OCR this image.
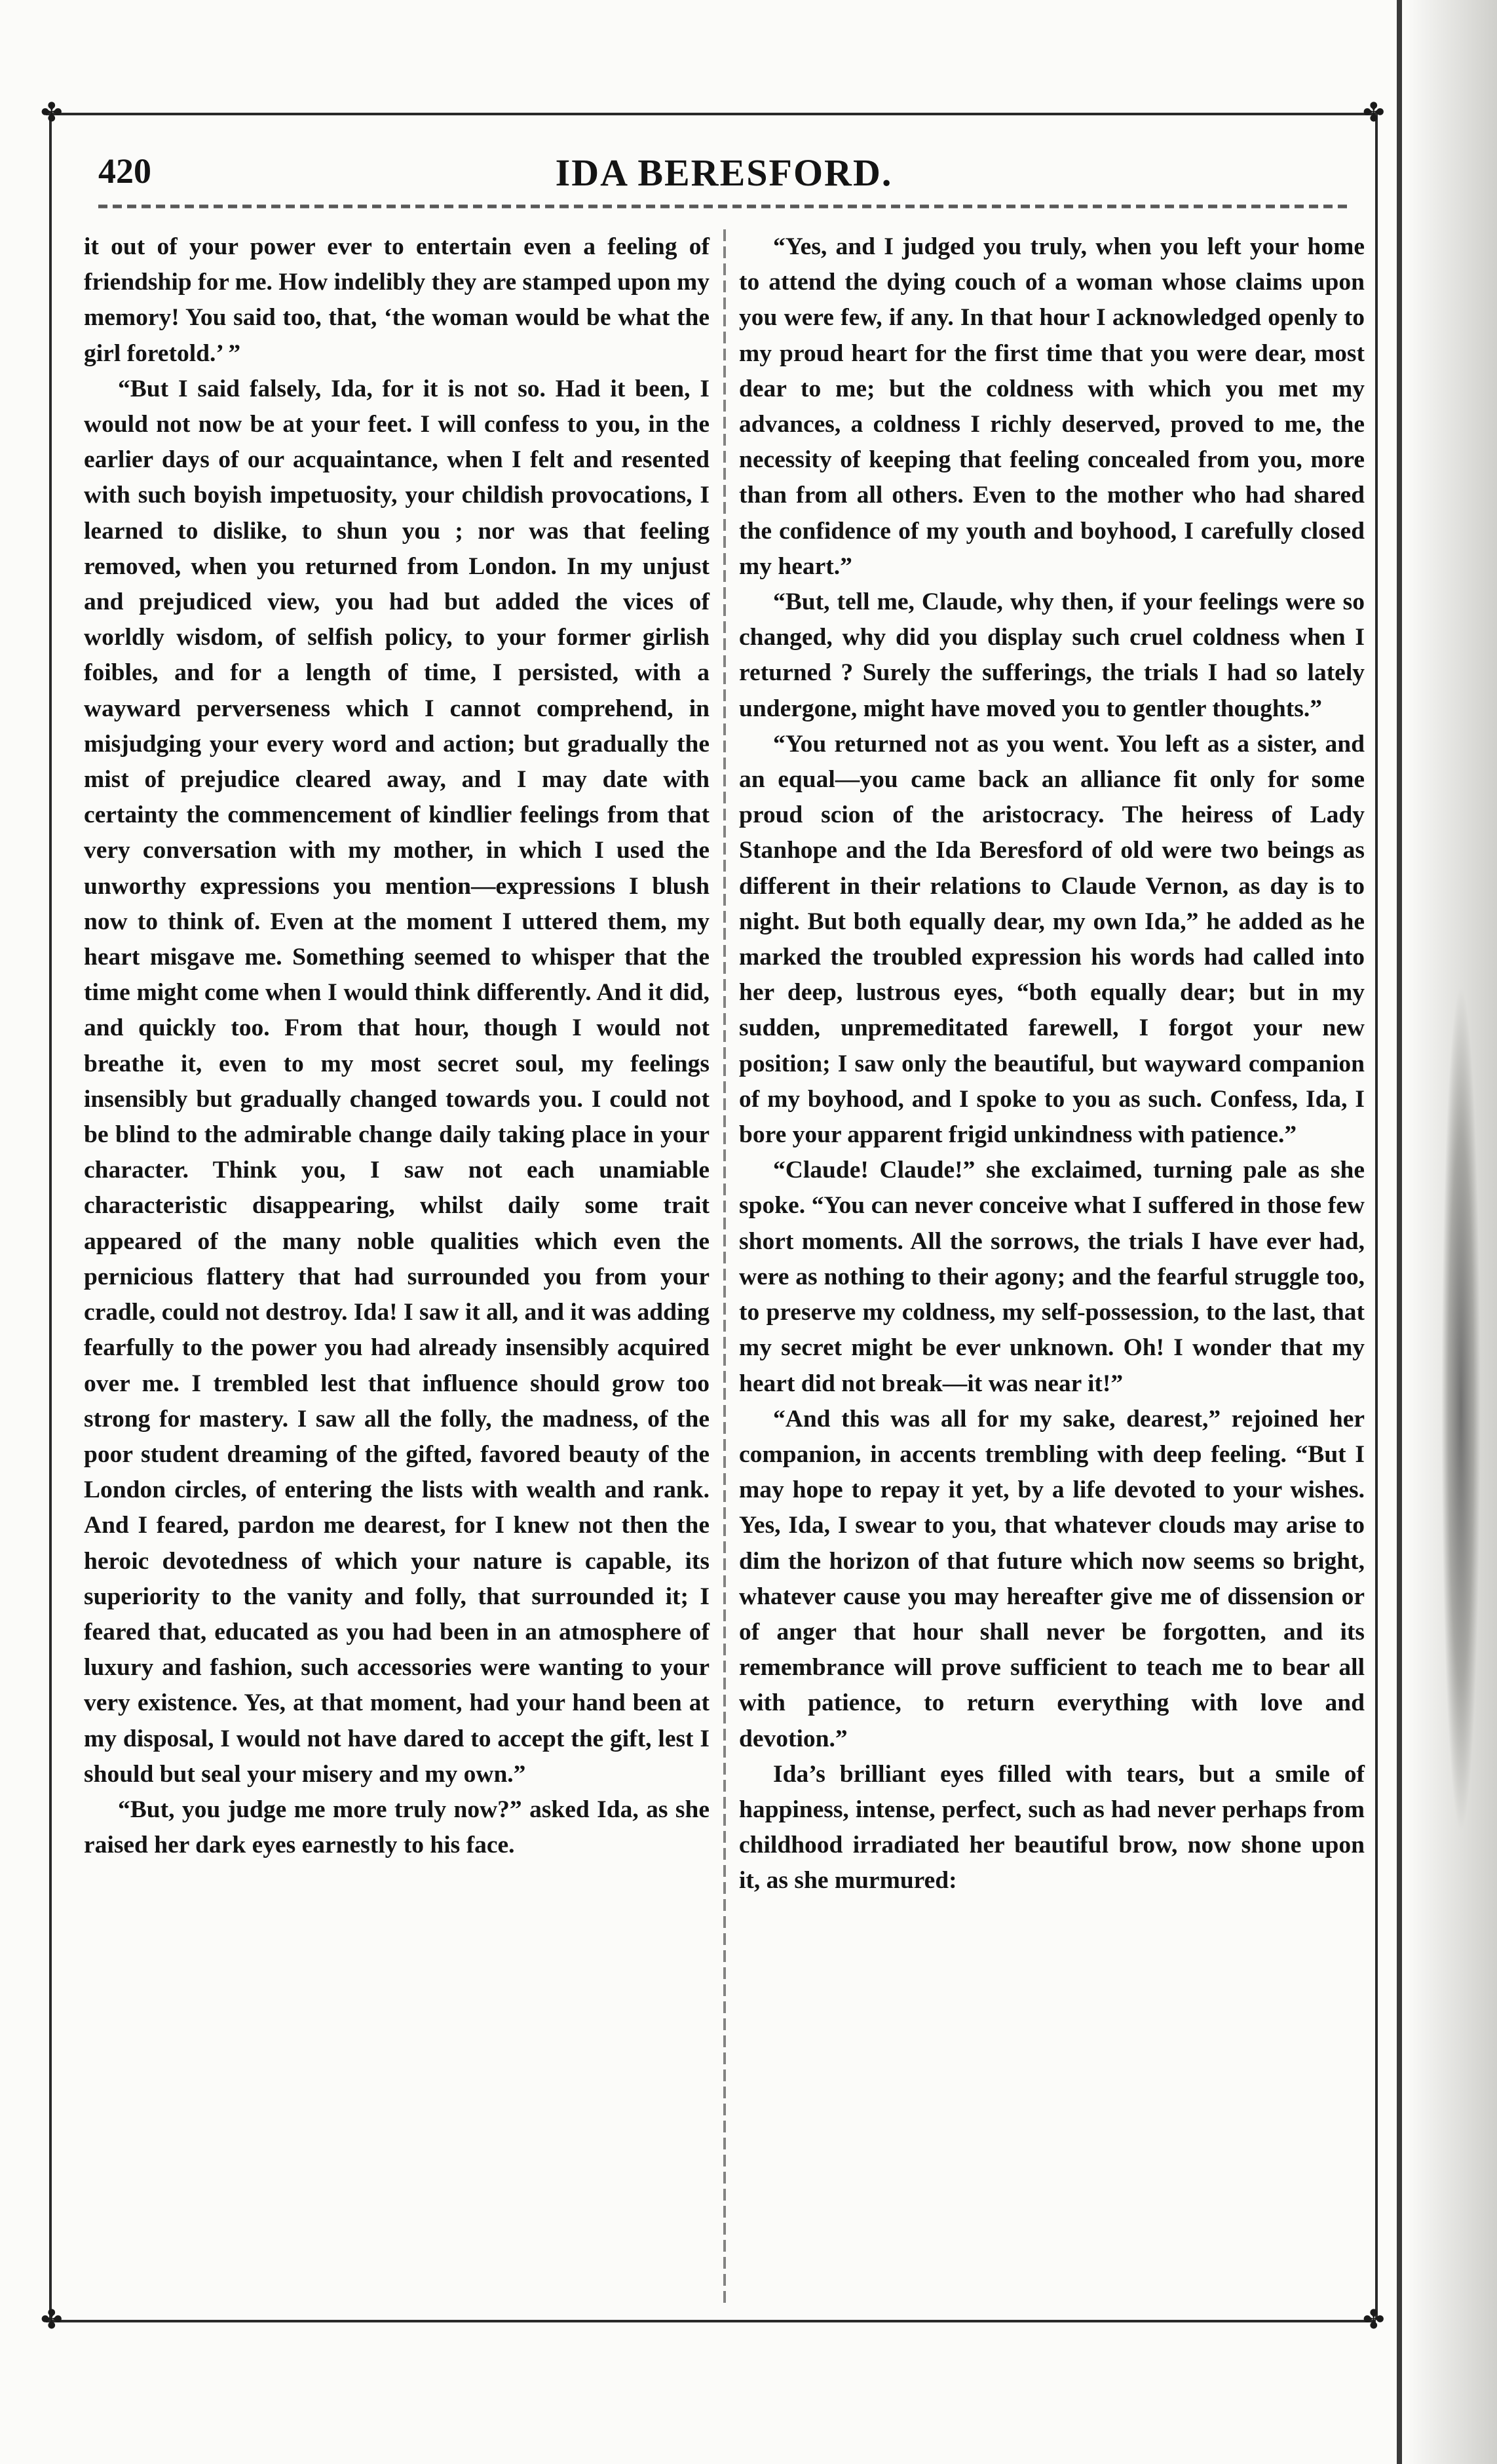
✤	✤
✤	✤
420	IDA BERESFORD.

it out of your power ever to entertain even a feeling of friendship for me. How indelibly they are stamped upon my memory! You said too, that, ‘the woman would be what the girl foretold.’ ”

“But I said falsely, Ida, for it is not so. Had it been, I would not now be at your feet. I will confess to you, in the earlier days of our acquaintance, when I felt and resented with such boyish impetuosity, your childish provocations, I learned to dislike, to shun you ; nor was that feeling removed, when you returned from London. In my unjust and prejudiced view, you had but added the vices of worldly wisdom, of selfish policy, to your former girlish foibles, and for a length of time, I persisted, with a wayward perverseness which I cannot comprehend, in misjudging your every word and action; but gradually the mist of prejudice cleared away, and I may date with certainty the commencement of kindlier feelings from that very conversation with my mother, in which I used the unworthy expressions you mention—expressions I blush now to think of. Even at the moment I uttered them, my heart misgave me. Something seemed to whisper that the time might come when I would think differently. And it did, and quickly too. From that hour, though I would not breathe it, even to my most secret soul, my feelings insensibly but gradually changed towards you. I could not be blind to the admirable change daily taking place in your character. Think you, I saw not each unamiable characteristic disappearing, whilst daily some trait appeared of the many noble qualities which even the pernicious flattery that had surrounded you from your cradle, could not destroy. Ida! I saw it all, and it was adding fearfully to the power you had already insensibly acquired over me. I trembled lest that influence should grow too strong for mastery. I saw all the folly, the madness, of the poor student dreaming of the gifted, favored beauty of the London circles, of entering the lists with wealth and rank. And I feared, pardon me dearest, for I knew not then the heroic devotedness of which your nature is capable, its superiority to the vanity and folly, that surrounded it; I feared that, educated as you had been in an atmosphere of luxury and fashion, such accessories were wanting to your very existence. Yes, at that moment, had your hand been at my disposal, I would not have dared to accept the gift, lest I should but seal your misery and my own.”

“But, you judge me more truly now?” asked Ida, as she raised her dark eyes earnestly to his face.

“Yes, and I judged you truly, when you left your home to attend the dying couch of a woman whose claims upon you were few, if any. In that hour I acknowledged openly to my proud heart for the first time that you were dear, most dear to me; but the coldness with which you met my advances, a coldness I richly deserved, proved to me, the necessity of keeping that feeling concealed from you, more than from all others. Even to the mother who had shared the confidence of my youth and boyhood, I carefully closed my heart.”

“But, tell me, Claude, why then, if your feelings were so changed, why did you display such cruel coldness when I returned ? Surely the sufferings, the trials I had so lately undergone, might have moved you to gentler thoughts.”

“You returned not as you went. You left as a sister, and an equal—you came back an alliance fit only for some proud scion of the aristocracy. The heiress of Lady Stanhope and the Ida Beresford of old were two beings as different in their relations to Claude Vernon, as day is to night. But both equally dear, my own Ida,” he added as he marked the troubled expression his words had called into her deep, lustrous eyes, “both equally dear; but in my sudden, unpremeditated farewell, I forgot your new position; I saw only the beautiful, but wayward companion of my boyhood, and I spoke to you as such. Confess, Ida, I bore your apparent frigid unkindness with patience.”

“Claude! Claude!” she exclaimed, turning pale as she spoke. “You can never conceive what I suffered in those few short moments. All the sorrows, the trials I have ever had, were as nothing to their agony; and the fearful struggle too, to preserve my coldness, my self-possession, to the last, that my secret might be ever unknown. Oh! I wonder that my heart did not break—it was near it!”

“And this was all for my sake, dearest,” rejoined her companion, in accents trembling with deep feeling. “But I may hope to repay it yet, by a life devoted to your wishes. Yes, Ida, I swear to you, that whatever clouds may arise to dim the horizon of that future which now seems so bright, whatever cause you may hereafter give me of dissension or of anger that hour shall never be forgotten, and its remembrance will prove sufficient to teach me to bear all with patience, to return everything with love and devotion.”

Ida’s brilliant eyes filled with tears, but a smile of happiness, intense, perfect, such as had never perhaps from childhood irradiated her beautiful brow, now shone upon it, as she murmured:
